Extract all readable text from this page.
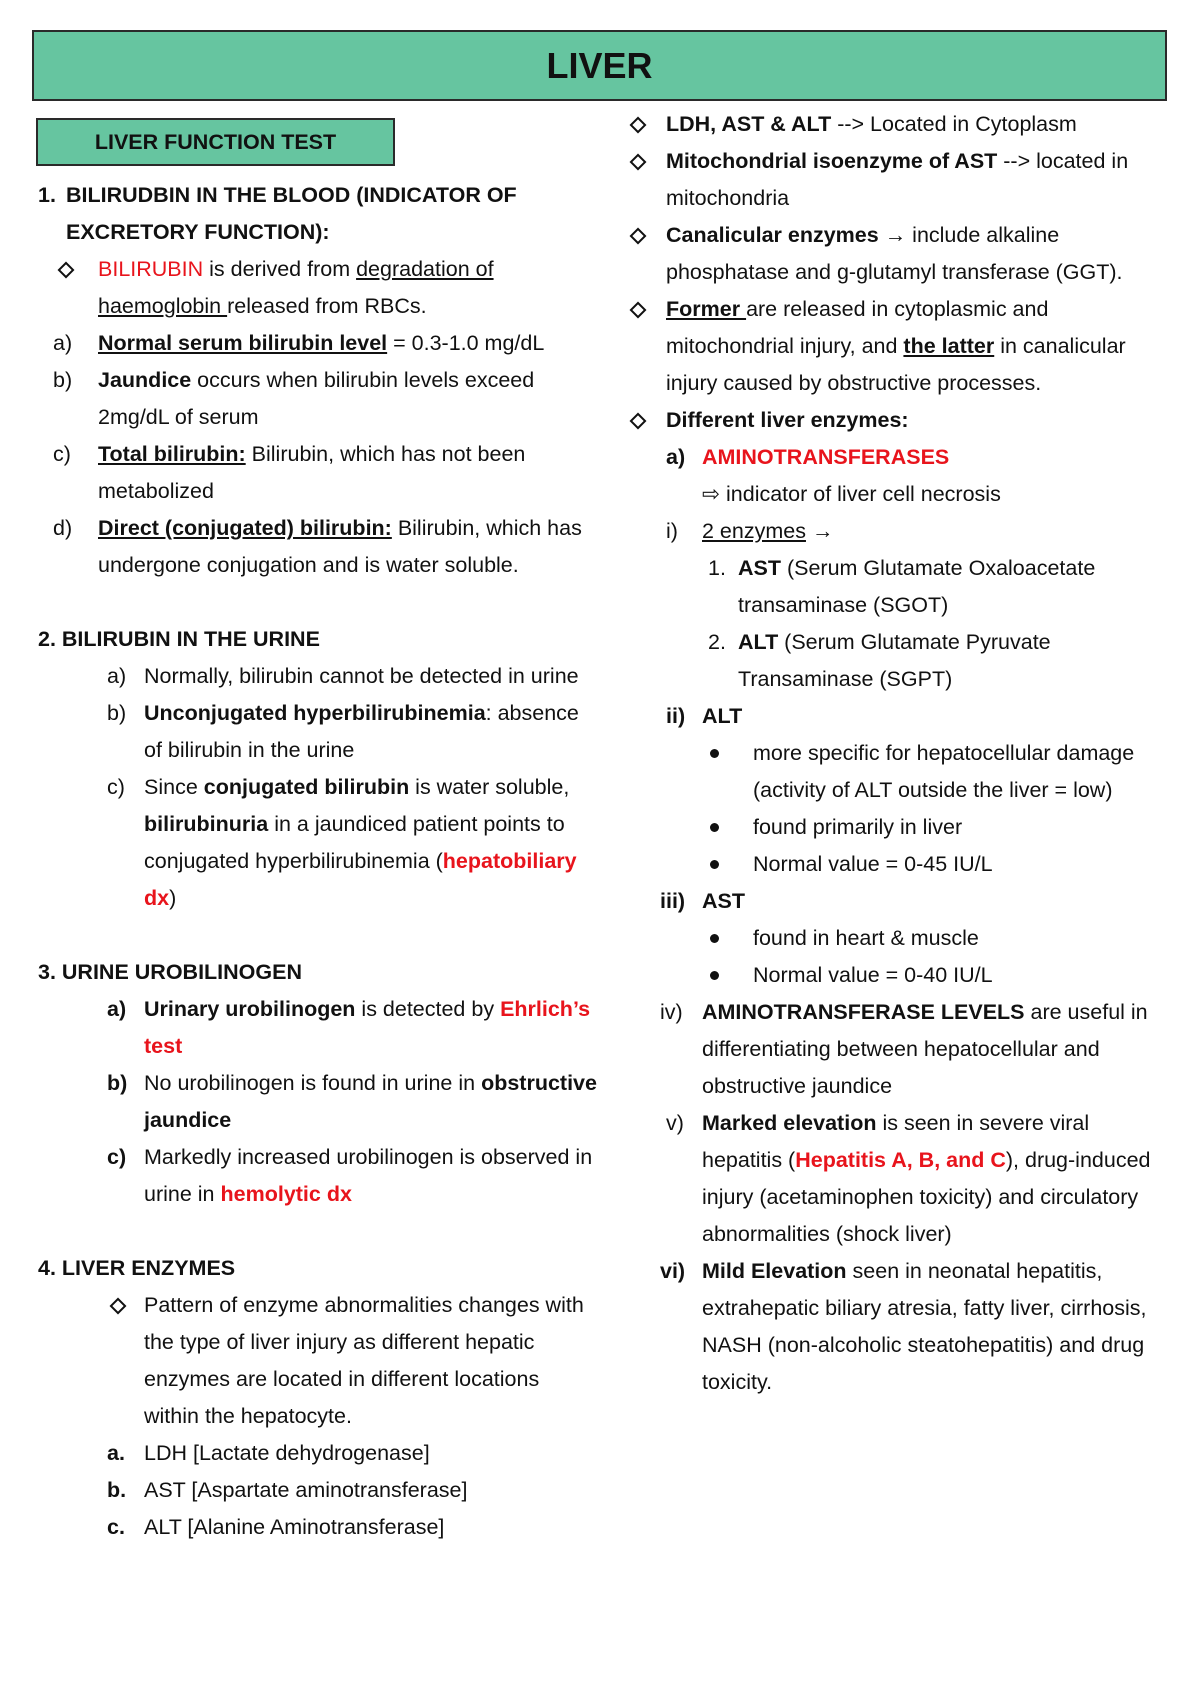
LIVER
LIVER FUNCTION TEST
1. BILIRUDBIN IN THE BLOOD (INDICATOR OF
EXCRETORY FUNCTION):
BILIRUBIN is derived from degradation of haemoglobin released from RBCs.
a) Normal serum bilirubin level = 0.3-1.0 mg/dL
b) Jaundice occurs when bilirubin levels exceed 2mg/dL of serum
c) Total bilirubin: Bilirubin, which has not been metabolized
d) Direct (conjugated) bilirubin: Bilirubin, which has undergone conjugation and is water soluble.
2. BILIRUBIN IN THE URINE
a) Normally, bilirubin cannot be detected in urine
b) Unconjugated hyperbilirubinemia: absence of bilirubin in the urine
c) Since conjugated bilirubin is water soluble, bilirubinuria in a jaundiced patient points to conjugated hyperbilirubinemia (hepatobiliary dx)
3. URINE UROBILINOGEN
a) Urinary urobilinogen is detected by Ehrlich’s test
b) No urobilinogen is found in urine in obstructive jaundice
c) Markedly increased urobilinogen is observed in urine in hemolytic dx
4. LIVER ENZYMES
Pattern of enzyme abnormalities changes with the type of liver injury as different hepatic enzymes are located in different locations within the hepatocyte.
a. LDH [Lactate dehydrogenase]
b. AST [Aspartate aminotransferase]
c. ALT [Alanine Aminotransferase]
LDH, AST & ALT --> Located in Cytoplasm
Mitochondrial isoenzyme of AST --> located in mitochondria
Canalicular enzymes → include alkaline phosphatase and g-glutamyl transferase (GGT).
Former are released in cytoplasmic and mitochondrial injury, and the latter in canalicular injury caused by obstructive processes.
Different liver enzymes:
a) AMINOTRANSFERASES
⇨ indicator of liver cell necrosis
i) 2 enzymes →
1. AST (Serum Glutamate Oxaloacetate transaminase (SGOT)
2. ALT (Serum Glutamate Pyruvate Transaminase (SGPT)
ii) ALT
more specific for hepatocellular damage (activity of ALT outside the liver = low)
found primarily in liver
Normal value = 0-45 IU/L
iii) AST
found in heart & muscle
Normal value = 0-40 IU/L
iv) AMINOTRANSFERASE LEVELS are useful in differentiating between hepatocellular and obstructive jaundice
v) Marked elevation is seen in severe viral hepatitis (Hepatitis A, B, and C), drug-induced injury (acetaminophen toxicity) and circulatory abnormalities (shock liver)
vi) Mild Elevation seen in neonatal hepatitis, extrahepatic biliary atresia, fatty liver, cirrhosis, NASH (non-alcoholic steatohepatitis) and drug toxicity.
